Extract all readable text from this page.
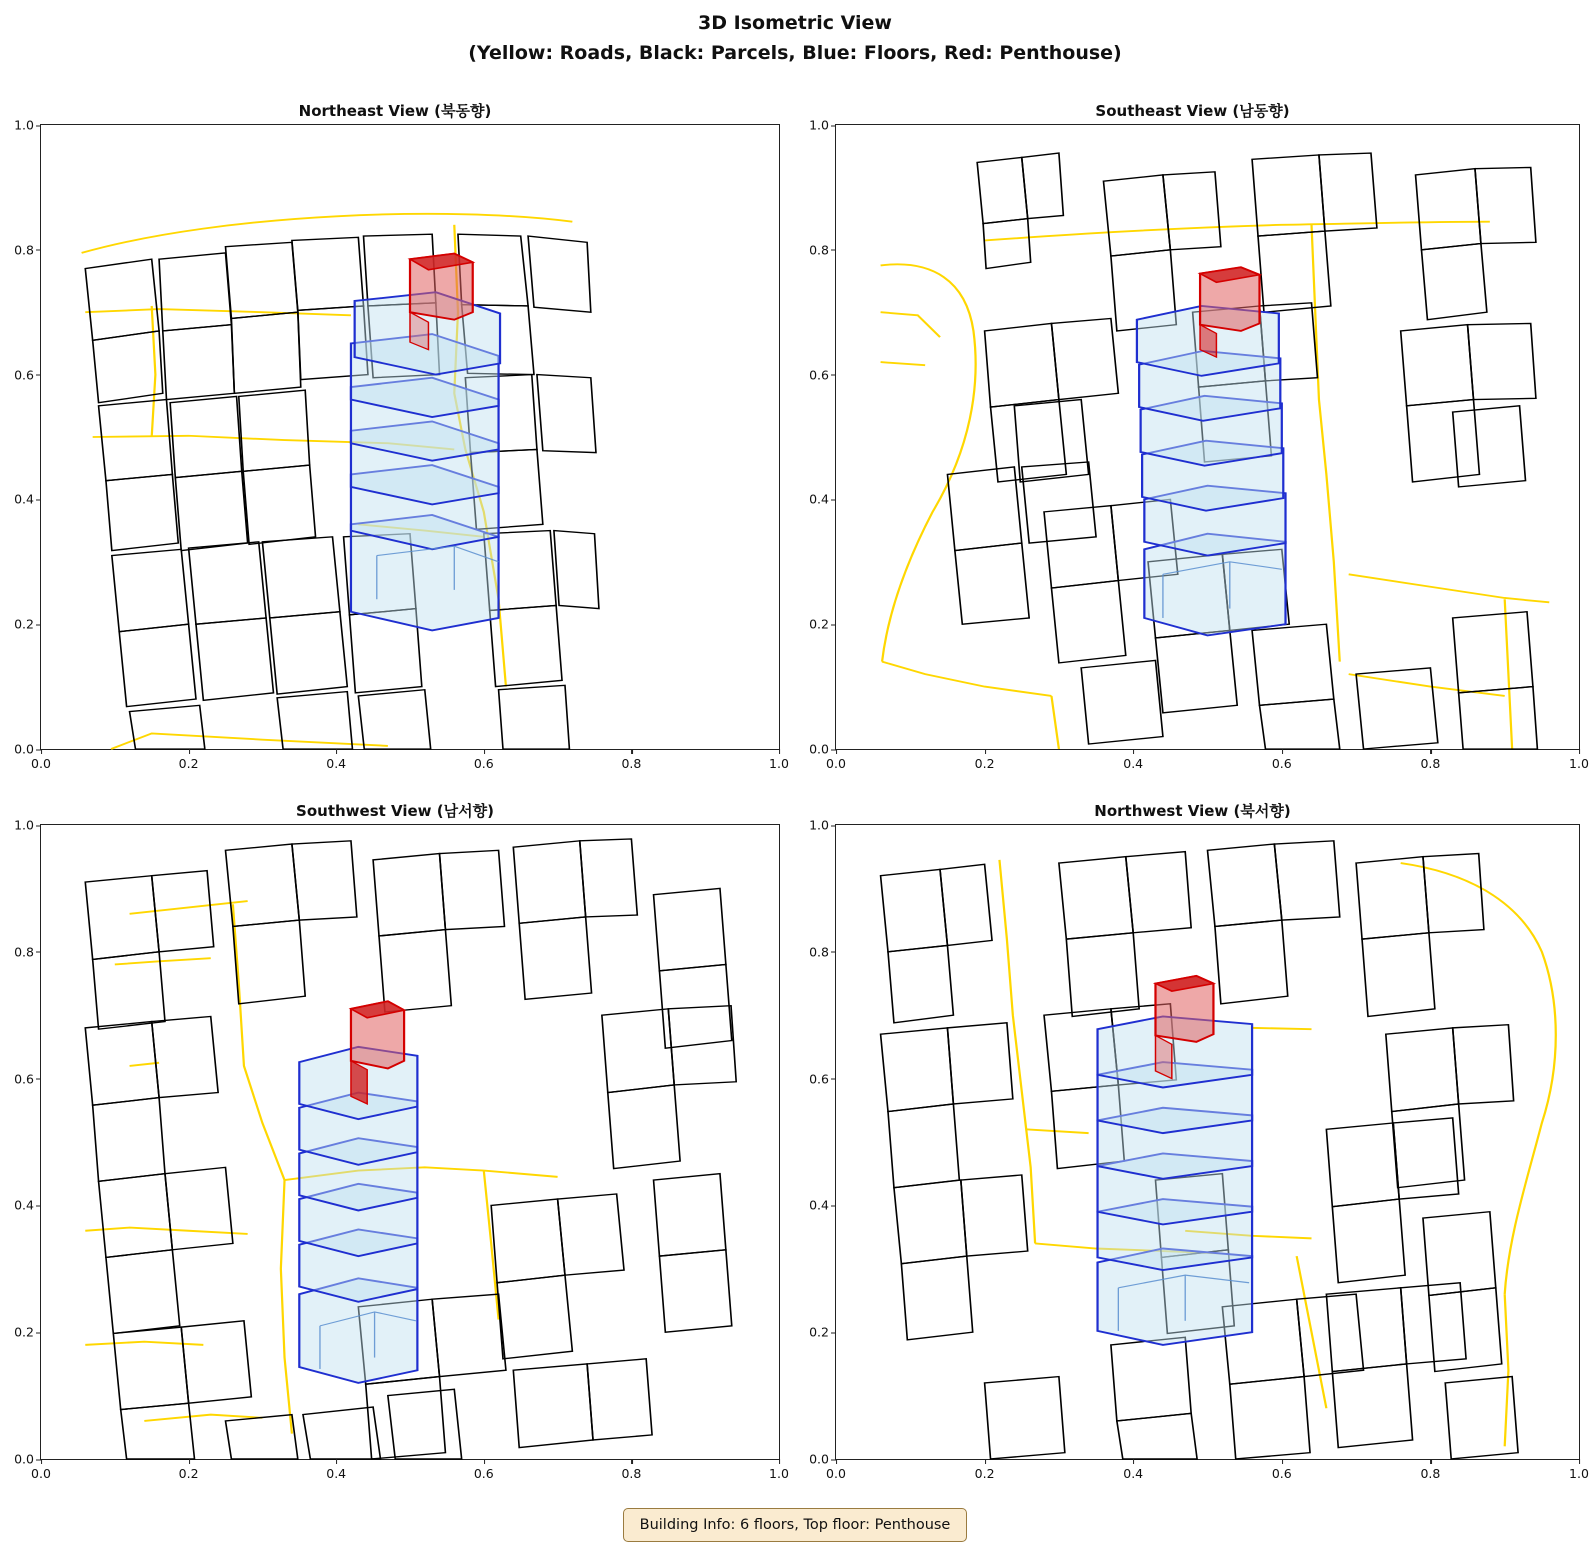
3D Isometric View
(Yellow: Roads, Black: Parcels, Blue: Floors, Red: Penthouse)
Northeast View (북동향)
0.0
0.2
0.4
0.6
0.8
1.0
0.0	0.2	0.4	0.6	0.8	1.0
Southeast View (남동향)
0.0
0.2
0.4
0.6
0.8
1.0
0.0	0.2	0.4	0.6	0.8	1.0
Southwest View (남서향)
0.0
0.2
0.4
0.6
0.8
1.0
0.0	0.2	0.4	0.6	0.8	1.0
Northwest View (북서향)
0.0
0.2
0.4
0.6
0.8
1.0
0.0	0.2	0.4	0.6	0.8	1.0
Building Info: 6 floors, Top floor: Penthouse
